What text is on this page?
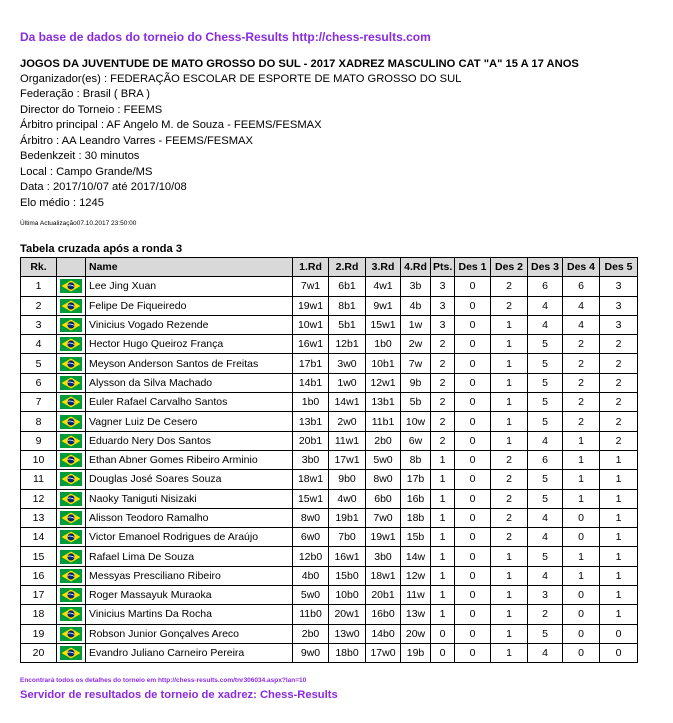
Da base de dados do torneio do Chess-Results http://chess-results.com
JOGOS DA JUVENTUDE DE MATO GROSSO DO SUL - 2017 XADREZ MASCULINO CAT "A" 15 A 17 ANOS
Organizador(es) : FEDERAÇÃO ESCOLAR DE ESPORTE DE MATO GROSSO DO SUL
Federação : Brasil ( BRA )
Director do Torneio : FEEMS
Árbitro principal : AF Angelo M. de Souza - FEEMS/FESMAX
Árbitro : AA Leandro Varres - FEEMS/FESMAX
Bedenkzeit : 30 minutos
Local : Campo Grande/MS
Data : 2017/10/07 até 2017/10/08
Elo médio : 1245
Última Actualização07.10.2017 23:50:00
Tabela cruzada após a ronda 3
Rk.		Name	1.Rd	2.Rd	3.Rd	4.Rd	Pts.	Des 1	Des 2	Des 3	Des 4	Des 5
1		Lee Jing Xuan	7w1	6b1	4w1	3b	3	0	2	6	6	3
2		Felipe De Fiqueiredo	19w1	8b1	9w1	4b	3	0	2	4	4	3
3		Vinicius Vogado Rezende	10w1	5b1	15w1	1w	3	0	1	4	4	3
4		Hector Hugo Queiroz França	16w1	12b1	1b0	2w	2	0	1	5	2	2
5		Meyson Anderson Santos de Freitas	17b1	3w0	10b1	7w	2	0	1	5	2	2
6		Alysson da Silva Machado	14b1	1w0	12w1	9b	2	0	1	5	2	2
7		Euler Rafael Carvalho Santos	1b0	14w1	13b1	5b	2	0	1	5	2	2
8		Vagner Luiz De Cesero	13b1	2w0	11b1	10w	2	0	1	5	2	2
9		Eduardo Nery Dos Santos	20b1	11w1	2b0	6w	2	0	1	4	1	2
10		Ethan Abner Gomes Ribeiro Arminio	3b0	17w1	5w0	8b	1	0	2	6	1	1
11		Douglas José Soares Souza	18w1	9b0	8w0	17b	1	0	2	5	1	1
12		Naoky Taniguti Nisizaki	15w1	4w0	6b0	16b	1	0	2	5	1	1
13		Alisson Teodoro Ramalho	8w0	19b1	7w0	18b	1	0	2	4	0	1
14		Victor Emanoel Rodrigues de Araújo	6w0	7b0	19w1	15b	1	0	2	4	0	1
15		Rafael Lima De Souza	12b0	16w1	3b0	14w	1	0	1	5	1	1
16		Messyas Presciliano Ribeiro	4b0	15b0	18w1	12w	1	0	1	4	1	1
17		Roger Massayuk Muraoka	5w0	10b0	20b1	11w	1	0	1	3	0	1
18		Vinicius Martins Da Rocha	11b0	20w1	16b0	13w	1	0	1	2	0	1
19		Robson Junior Gonçalves Areco	2b0	13w0	14b0	20w	0	0	1	5	0	0
20		Evandro Juliano Carneiro Pereira	9w0	18b0	17w0	19b	0	0	1	4	0	0
Encontrará todos os detalhes do torneio em http://chess-results.com/tnr306034.aspx?lan=10
Servidor de resultados de torneio de xadrez: Chess-Results
